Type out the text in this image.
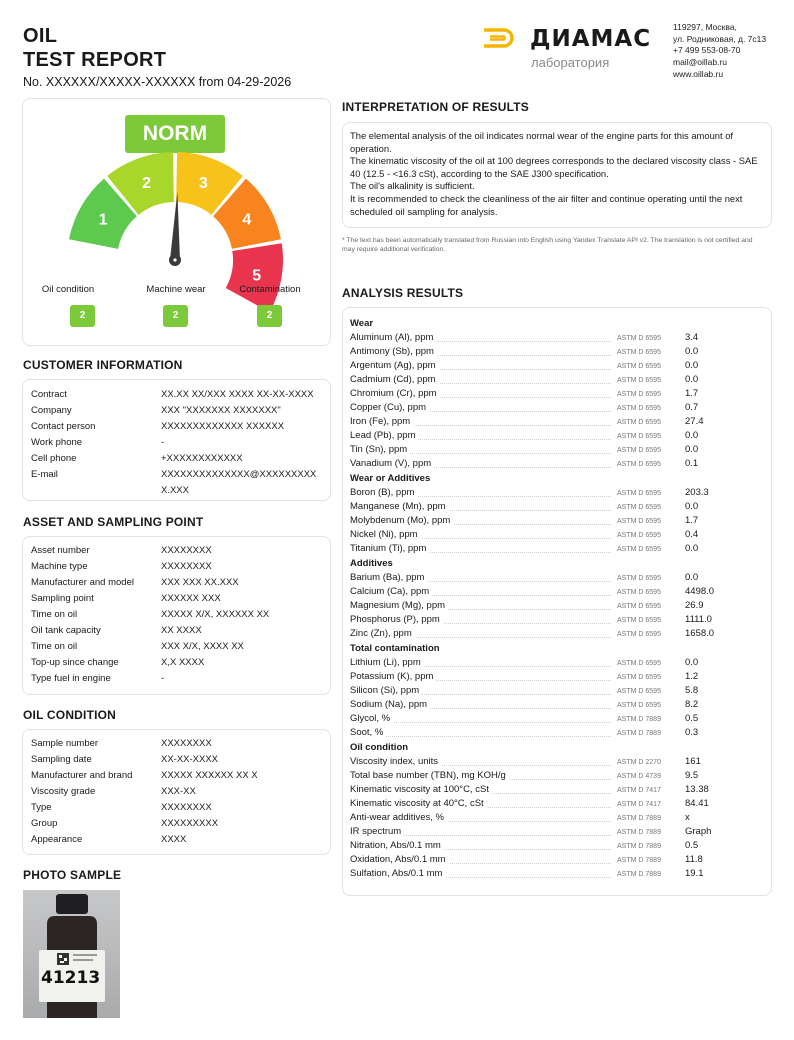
OIL
TEST REPORT
No. XXXXXX/XXXXX-XXXXXX from 04-29-2026
ДИАМАС
лаборатория
119297, Москва,
ул. Родниковая, д. 7с13
+7 499 553-08-70
mail@oillab.ru
www.oillab.ru
NORM
1
2	3
4
5
Oil condition	Machine wear	Contamination
2	2	2
CUSTOMER INFORMATION
Contract	XX.XX XX/XXX XXXX XX-XX-XXXX
Company	XXX "XXXXXXX XXXXXXX"
Contact person	XXXXXXXXXXXXX XXXXXX
Work phone	-
Cell phone	+XXXXXXXXXXXX
E-mail	XXXXXXXXXXXXXX@XXXXXXXXXX.XXX
ASSET AND SAMPLING POINT
Asset number	XXXXXXXX
Machine type	XXXXXXXX
Manufacturer and model	XXX XXX XX.XXX
Sampling point	XXXXXX XXX
Time on oil	XXXXX X/X, XXXXXX XX
Oil tank capacity	XX XXXX
Time on oil	XXX X/X, XXXX XX
Top-up since change	X,X XXXX
Type fuel in engine	-
OIL CONDITION
Sample number	XXXXXXXX
Sampling date	XX-XX-XXXX
Manufacturer and brand	XXXXX XXXXXX XX X
Viscosity grade	XXX-XX
Type	XXXXXXXX
Group	XXXXXXXXX
Appearance	XXXX
PHOTO SAMPLE
41213
INTERPRETATION OF RESULTS
The elemental analysis of the oil indicates normal wear of the engine parts for this amount of operation.
The kinematic viscosity of the oil at 100 degrees corresponds to the declared viscosity class - SAE 40 (12.5 - <16.3 cSt), according to the SAE J300 specification.
The oil's alkalinity is sufficient.
It is recommended to check the cleanliness of the air filter and continue operating until the next scheduled oil sampling for analysis.
* The text has been automatically translated from Russian into English using Yandex Translate API v2. The translation is not certified and may require additional verification.
ANALYSIS RESULTS
Wear
Aluminum (Al), ppm	ASTM D 6595	3.4
Antimony (Sb), ppm	ASTM D 6595	0.0
Argentum (Ag), ppm	ASTM D 6595	0.0
Cadmium (Cd), ppm	ASTM D 6595	0.0
Chromium (Cr), ppm	ASTM D 6595	1.7
Copper (Cu), ppm	ASTM D 6595	0.7
Iron (Fe), ppm	ASTM D 6595	27.4
Lead (Pb), ppm	ASTM D 6595	0.0
Tin (Sn), ppm	ASTM D 6595	0.0
Vanadium (V), ppm	ASTM D 6595	0.1
Wear or Additives
Boron (B), ppm	ASTM D 6595	203.3
Manganese (Mn), ppm	ASTM D 6595	0.0
Molybdenum (Mo), ppm	ASTM D 6595	1.7
Nickel (Ni), ppm	ASTM D 6595	0.4
Titanium (Ti), ppm	ASTM D 6595	0.0
Additives
Barium (Ba), ppm	ASTM D 6595	0.0
Calcium (Ca), ppm	ASTM D 6595	4498.0
Magnesium (Mg), ppm	ASTM D 6595	26.9
Phosphorus (P), ppm	ASTM D 6595	1111.0
Zinc (Zn), ppm	ASTM D 6595	1658.0
Total contamination
Lithium (Li), ppm	ASTM D 6595	0.0
Potassium (K), ppm	ASTM D 6595	1.2
Silicon (Si), ppm	ASTM D 6595	5.8
Sodium (Na), ppm	ASTM D 6595	8.2
Glycol, %	ASTM D 7889	0.5
Soot, %	ASTM D 7889	0.3
Oil condition
Viscosity index, units	ASTM D 2270	161
Total base number (TBN), mg KOH/g	ASTM D 4739	9.5
Kinematic viscosity at 100°C, cSt	ASTM D 7417	13.38
Kinematic viscosity at 40°C, cSt	ASTM D 7417	84.41
Anti-wear additives, %	ASTM D 7889	x
IR spectrum	ASTM D 7889	Graph
Nitration, Abs/0.1 mm	ASTM D 7889	0.5
Oxidation, Abs/0.1 mm	ASTM D 7889	11.8
Sulfation, Abs/0.1 mm	ASTM D 7889	19.1
